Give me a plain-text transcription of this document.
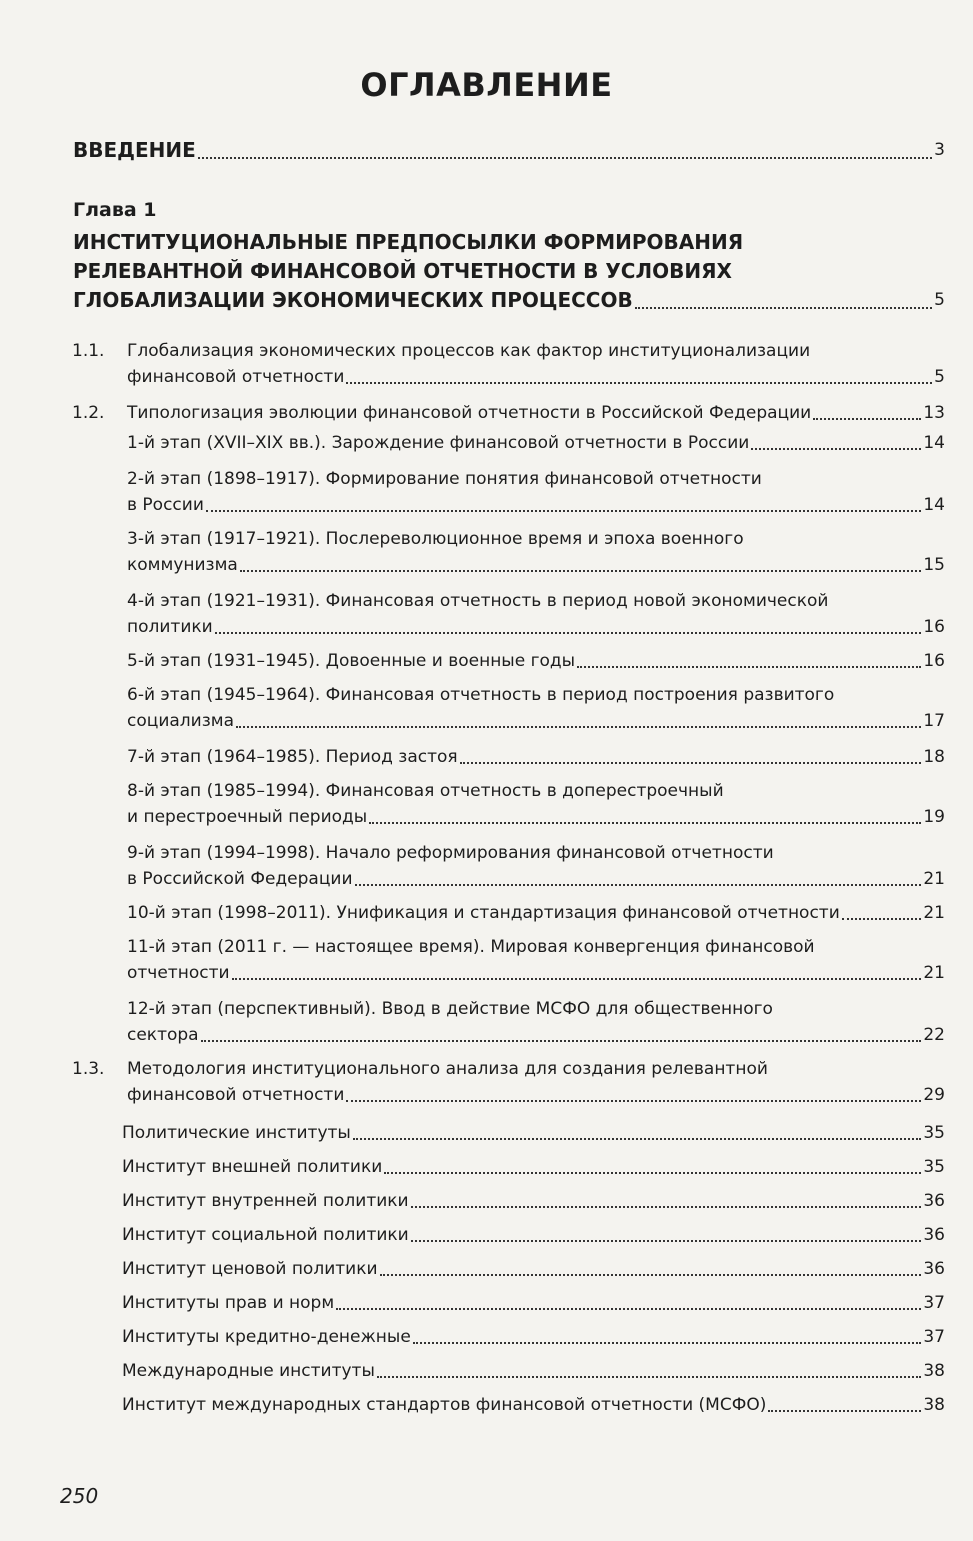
ОГЛАВЛЕНИЕ
ВВЕДЕНИЕ	3
Глава 1
ИНСТИТУЦИОНАЛЬНЫЕ ПРЕДПОСЫЛКИ ФОРМИРОВАНИЯ
РЕЛЕВАНТНОЙ ФИНАНСОВОЙ ОТЧЕТНОСТИ В УСЛОВИЯХ
ГЛОБАЛИЗАЦИИ ЭКОНОМИЧЕСКИХ ПРОЦЕССОВ	5
1.1. Глобализация экономических процессов как фактор институционализации
финансовой отчетности	5
1.2. Типологизация эволюции финансовой отчетности в Российской Федерации	13
1-й этап (XVII–XIX вв.). Зарождение финансовой отчетности в России	14
2-й этап (1898–1917). Формирование понятия финансовой отчетности
в России	14
3-й этап (1917–1921). Послереволюционное время и эпоха военного
коммунизма	15
4-й этап (1921–1931). Финансовая отчетность в период новой экономической
политики	16
5-й этап (1931–1945). Довоенные и военные годы	16
6-й этап (1945–1964). Финансовая отчетность в период построения развитого
социализма	17
7-й этап (1964–1985). Период застоя	18
8-й этап (1985–1994). Финансовая отчетность в доперестроечный
и перестроечный периоды	19
9-й этап (1994–1998). Начало реформирования финансовой отчетности
в Российской Федерации	21
10-й этап (1998–2011). Унификация и стандартизация финансовой отчетности	21
11-й этап (2011 г. — настоящее время). Мировая конвергенция финансовой
отчетности	21
12-й этап (перспективный). Ввод в действие МСФО для общественного
сектора	22
1.3. Методология институционального анализа для создания релевантной
финансовой отчетности	29
Политические институты	35
Институт внешней политики	35
Институт внутренней политики	36
Институт социальной политики	36
Институт ценовой политики	36
Институты прав и норм	37
Институты кредитно-денежные	37
Международные институты	38
Институт международных стандартов финансовой отчетности (МСФО)	38
250
